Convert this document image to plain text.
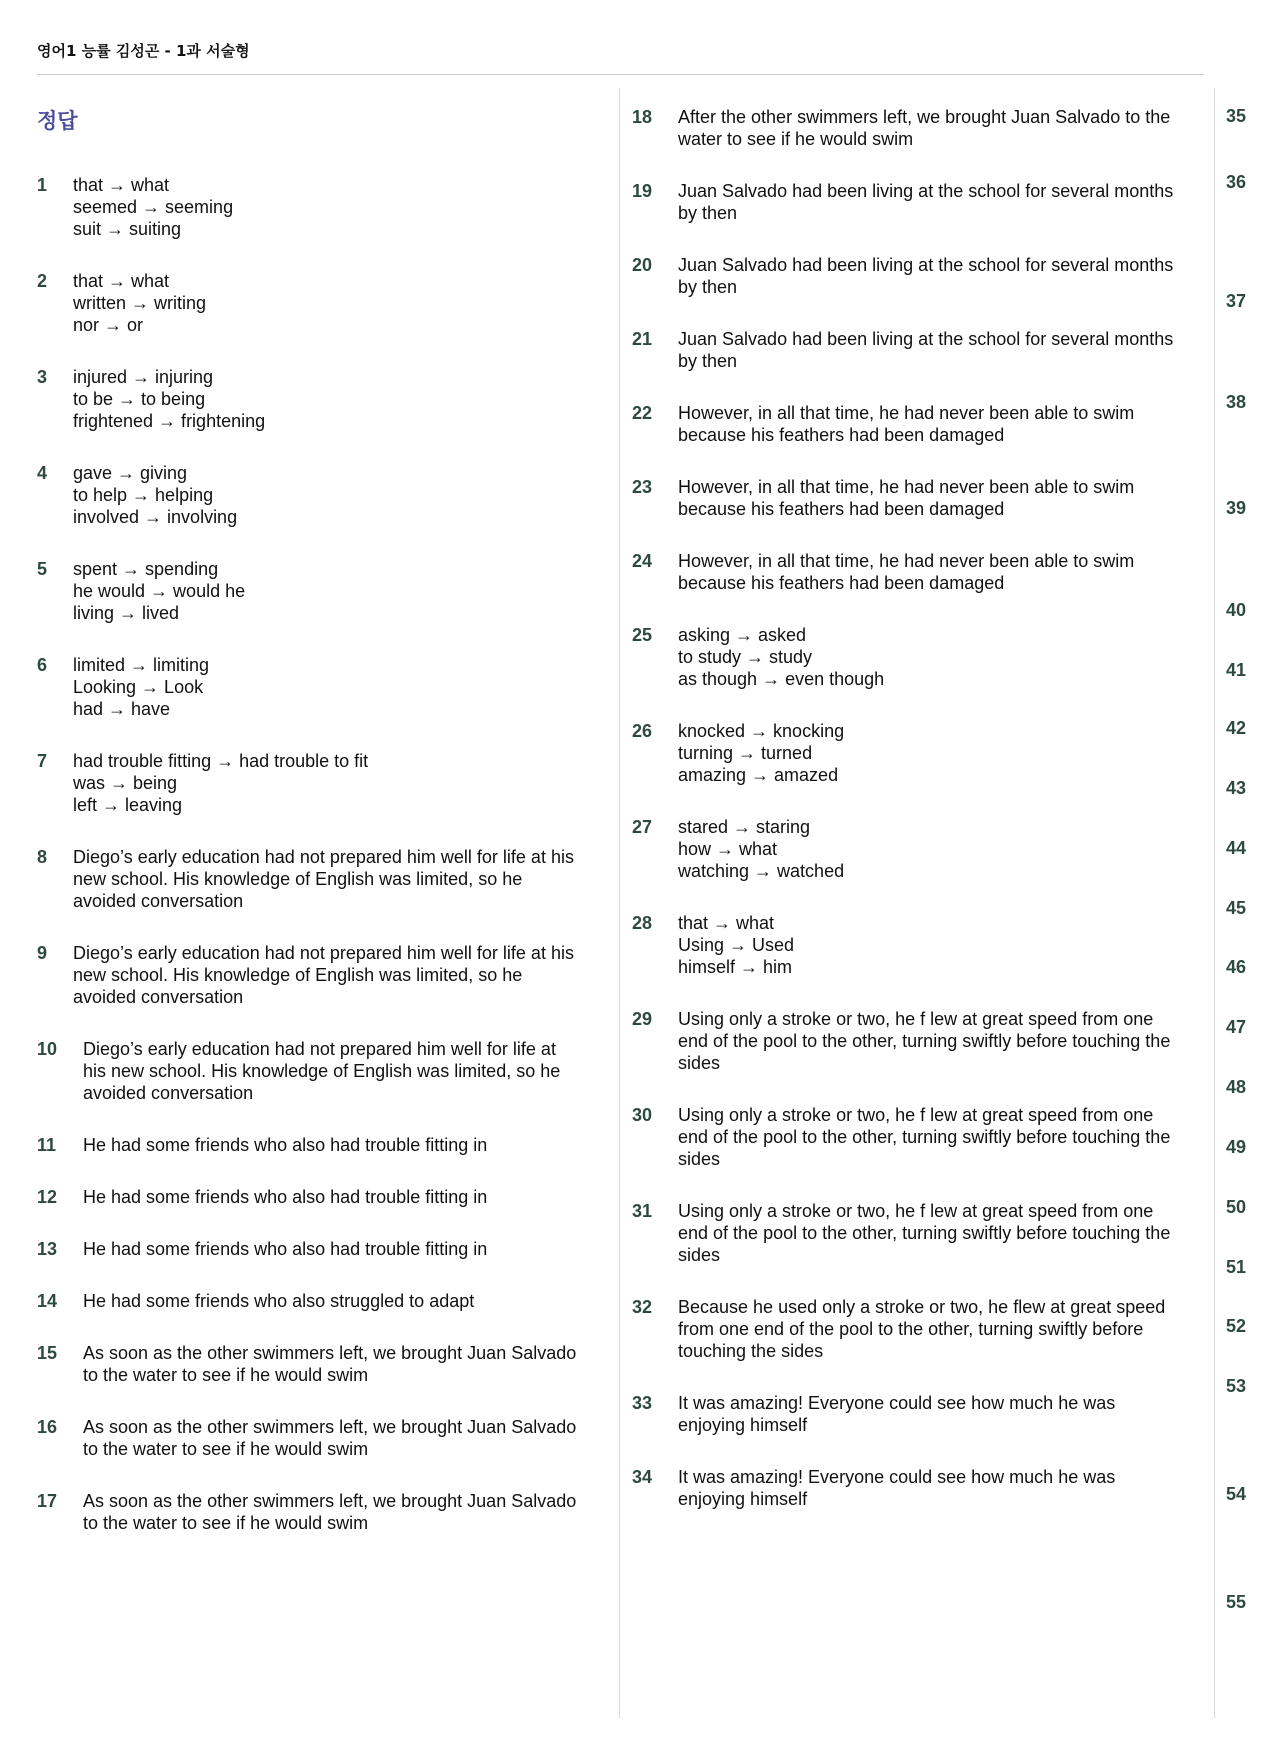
영어1 능률 김성곤 - 1과 서술형
정답
1	that → what
seemed → seeming
suit → suiting
2	that → what
written → writing
nor → or
3	injured → injuring
to be → to being
frightened → frightening
4	gave → giving
to help → helping
involved → involving
5	spent → spending
he would → would he
living → lived
6	limited → limiting
Looking → Look
had → have
7	had trouble fitting → had trouble to fit
was → being
left → leaving
8	Diego’s early education had not prepared him well for life at his new school. His knowledge of English was limited, so he avoided conversation

9	Diego’s early education had not prepared him well for life at his new school. His knowledge of English was limited, so he avoided conversation

10	Diego’s early education had not prepared him well for life at his new school. His knowledge of English was limited, so he avoided conversation

11	He had some friends who also had trouble fitting in

12	He had some friends who also had trouble fitting in

13	He had some friends who also had trouble fitting in

14	He had some friends who also struggled to adapt

15	As soon as the other swimmers left, we brought Juan Salvado to the water to see if he would swim

16	As soon as the other swimmers left, we brought Juan Salvado to the water to see if he would swim

17	As soon as the other swimmers left, we brought Juan Salvado to the water to see if he would swim

18	After the other swimmers left, we brought Juan Salvado to the water to see if he would swim

19	Juan Salvado had been living at the school for several months by then

20	Juan Salvado had been living at the school for several months by then

21	Juan Salvado had been living at the school for several months by then

22	However, in all that time, he had never been able to swim because his feathers had been damaged

23	However, in all that time, he had never been able to swim because his feathers had been damaged

24	However, in all that time, he had never been able to swim because his feathers had been damaged

25	asking → asked
to study → study
as though → even though
26	knocked → knocking
turning → turned
amazing → amazed
27	stared → staring
how → what
watching → watched
28	that → what
Using → Used
himself → him
29	Using only a stroke or two, he f lew at great speed from one end of the pool to the other, turning swiftly before touching the sides

30	Using only a stroke or two, he f lew at great speed from one end of the pool to the other, turning swiftly before touching the sides

31	Using only a stroke or two, he f lew at great speed from one end of the pool to the other, turning swiftly before touching the sides

32	Because he used only a stroke or two, he flew at great speed from one end of the pool to the other, turning swiftly before touching the sides

33	It was amazing! Everyone could see how much he was enjoying himself

34	It was amazing! Everyone could see how much he was enjoying himself

35
36
37
38
39
40
41
42
43
44
45
46
47
48
49
50
51
52
53
54
55
